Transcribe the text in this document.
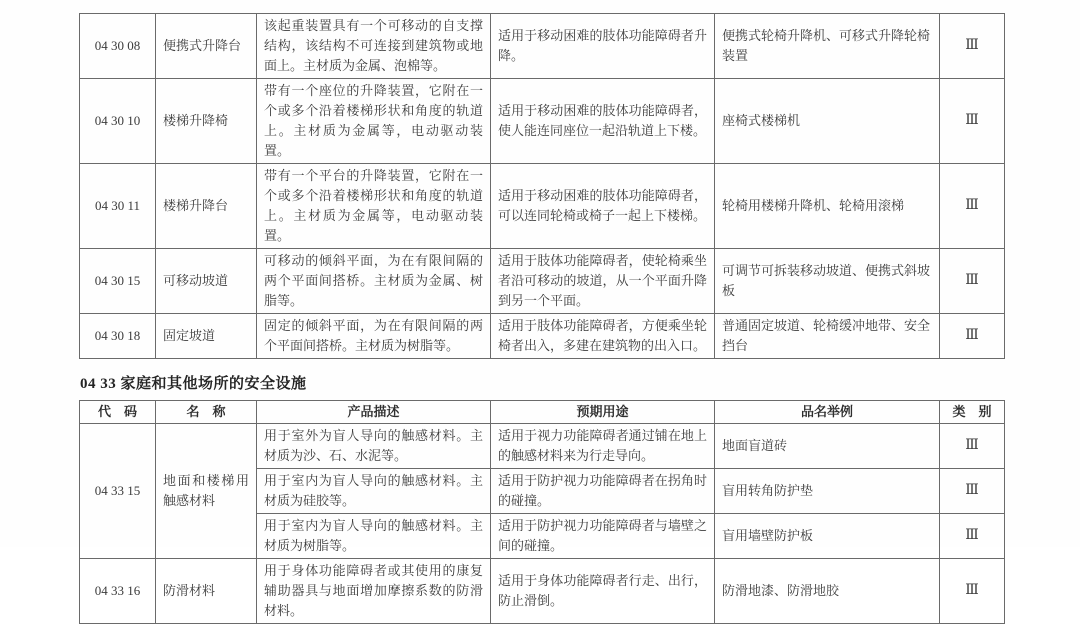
04 30 08	便携式升降台	该起重装置具有一个可移动的自支撑结构，该结构不可连接到建筑物或地面上。主材质为金属、泡棉等。	适用于移动困难的肢体功能障碍者升降。	便携式轮椅升降机、可移式升降轮椅装置	Ⅲ
04 30 10	楼梯升降椅	带有一个座位的升降装置，它附在一个或多个沿着楼梯形状和角度的轨道上。主材质为金属等，电动驱动装置。	适用于移动困难的肢体功能障碍者，使人能连同座位一起沿轨道上下楼。	座椅式楼梯机	Ⅲ
04 30 11	楼梯升降台	带有一个平台的升降装置，它附在一个或多个沿着楼梯形状和角度的轨道上。主材质为金属等，电动驱动装置。	适用于移动困难的肢体功能障碍者，可以连同轮椅或椅子一起上下楼梯。	轮椅用楼梯升降机、轮椅用滚梯	Ⅲ
04 30 15	可移动坡道	可移动的倾斜平面，为在有限间隔的两个平面间搭桥。主材质为金属、树脂等。	适用于肢体功能障碍者，使轮椅乘坐者沿可移动的坡道，从一个平面升降到另一个平面。	可调节可拆装移动坡道、便携式斜坡板	Ⅲ
04 30 18	固定坡道	固定的倾斜平面，为在有限间隔的两个平面间搭桥。主材质为树脂等。	适用于肢体功能障碍者，方便乘坐轮椅者出入，多建在建筑物的出入口。	普通固定坡道、轮椅缓冲地带、安全挡台	Ⅲ
04 33 家庭和其他场所的安全设施
代　码	名　称	产品描述	预期用途	品名举例	类　别
04 33 15	地面和楼梯用触感材料	用于室外为盲人导向的触感材料。主材质为沙、石、水泥等。	适用于视力功能障碍者通过铺在地上的触感材料来为行走导向。	地面盲道砖	Ⅲ
		用于室内为盲人导向的触感材料。主材质为硅胶等。	适用于防护视力功能障碍者在拐角时的碰撞。	盲用转角防护垫	Ⅲ
		用于室内为盲人导向的触感材料。主材质为树脂等。	适用于防护视力功能障碍者与墙壁之间的碰撞。	盲用墙壁防护板	Ⅲ
04 33 16	防滑材料	用于身体功能障碍者或其使用的康复辅助器具与地面增加摩擦系数的防滑材料。	适用于身体功能障碍者行走、出行，防止滑倒。	防滑地漆、防滑地胶	Ⅲ
